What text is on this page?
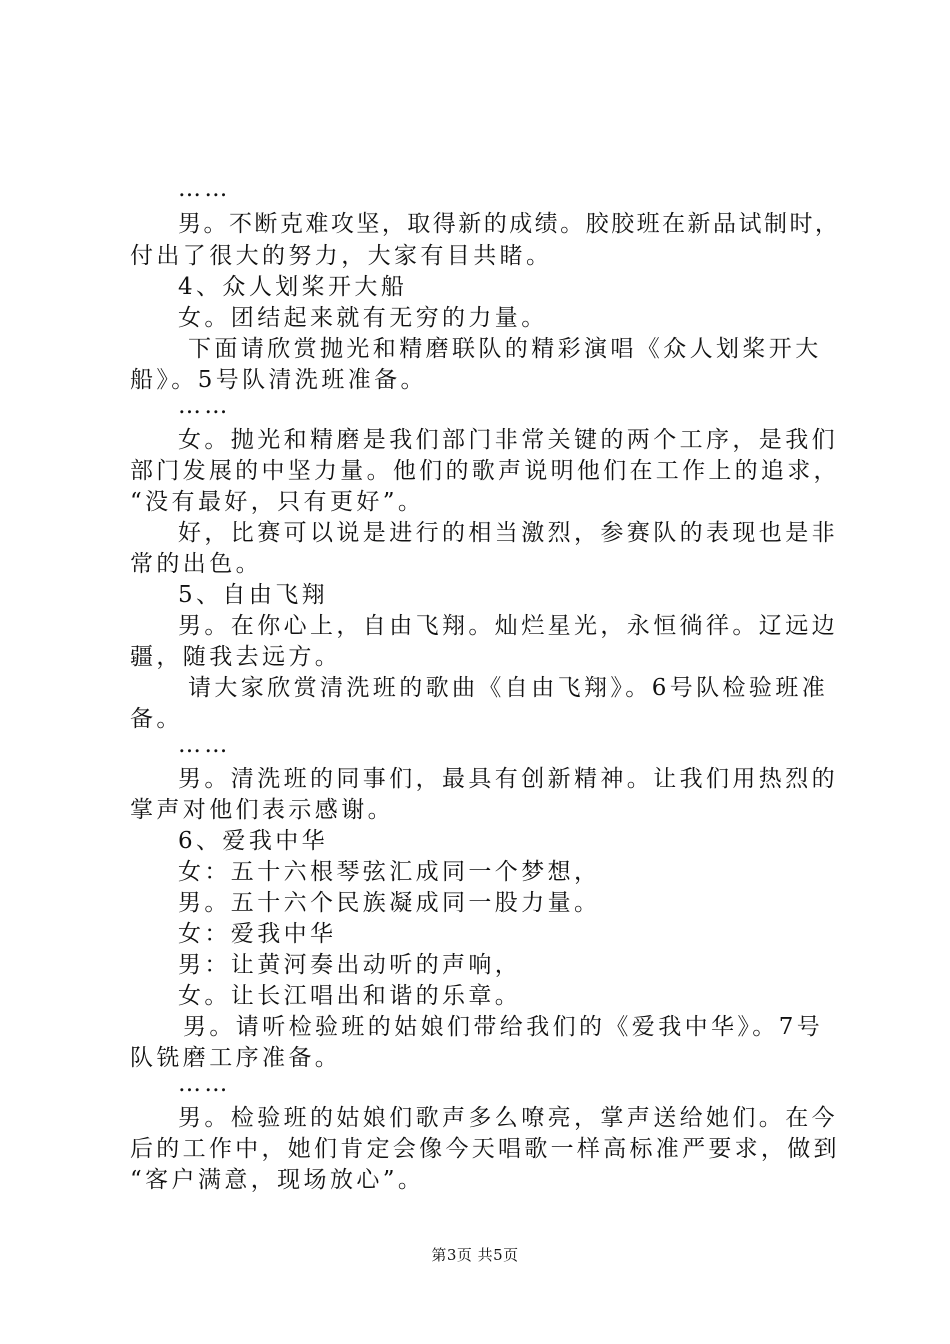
……
男。不断克难攻坚，取得新的成绩。胶胶班在新品试制时，
付出了很大的努力，大家有目共睹。
4、众人划桨开大船
女。团结起来就有无穷的力量。
下面请欣赏抛光和精磨联队的精彩演唱《众人划桨开大
船》。5号队清洗班准备。
……
女。抛光和精磨是我们部门非常关键的两个工序，是我们
部门发展的中坚力量。他们的歌声说明他们在工作上的追求，
“没有最好，只有更好”。
好，比赛可以说是进行的相当激烈，参赛队的表现也是非
常的出色。
5、自由飞翔
男。在你心上，自由飞翔。灿烂星光，永恒徜徉。辽远边
疆，随我去远方。
请大家欣赏清洗班的歌曲《自由飞翔》。6号队检验班准
备。
……
男。清洗班的同事们，最具有创新精神。让我们用热烈的
掌声对他们表示感谢。
6、爱我中华
女：五十六根琴弦汇成同一个梦想，
男。五十六个民族凝成同一股力量。
女：爱我中华
男：让黄河奏出动听的声响，
女。让长江唱出和谐的乐章。
男。请听检验班的姑娘们带给我们的《爱我中华》。7号
队铣磨工序准备。
……
男。检验班的姑娘们歌声多么嘹亮，掌声送给她们。在今
后的工作中，她们肯定会像今天唱歌一样高标准严要求，做到
“客户满意，现场放心”。
第3页 共5页
